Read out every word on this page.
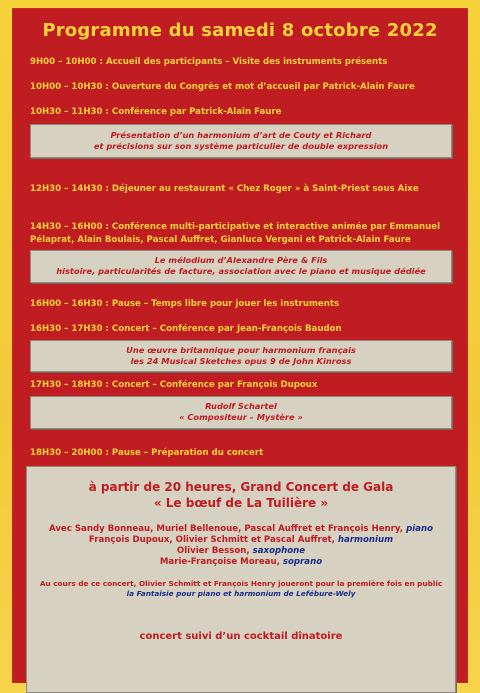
Programme du samedi 8 octobre 2022
9H00 – 10H00 : Accueil des participants – Visite des instruments présents
10H00 – 10H30 : Ouverture du Congrès et mot d’accueil par Patrick-Alain Faure
10H30 – 11H30 : Conférence par Patrick-Alain Faure
Présentation d’un harmonium d’art de Couty et Richard
et précisions sur son système particulier de double expression
12H30 – 14H30 : Déjeuner au restaurant « Chez Roger » à Saint-Priest sous Aixe
14H30 – 16H00 : Conférence multi-participative et interactive animée par Emmanuel
Pélaprat, Alain Boulais, Pascal Auffret, Gianluca Vergani et Patrick-Alain Faure
Le mélodium d’Alexandre Père & Fils
histoire, particularités de facture, association avec le piano et musique dédiée
16H00 – 16H30 : Pause – Temps libre pour jouer les instruments
16H30 – 17H30 : Concert – Conférence par Jean-François Baudon
Une œuvre britannique pour harmonium français
les 24 Musical Sketches opus 9 de John Kinross
17H30 – 18H30 : Concert – Conférence par François Dupoux
Rudolf Schartel
« Compositeur – Mystère »
18H30 – 20H00 : Pause – Préparation du concert
à partir de 20 heures, Grand Concert de Gala
« Le bœuf de La Tuilière »
Avec Sandy Bonneau, Muriel Bellenoue, Pascal Auffret et François Henry, piano
François Dupoux, Olivier Schmitt et Pascal Auffret, harmonium
Olivier Besson, saxophone
Marie-Françoise Moreau, soprano
Au cours de ce concert, Olivier Schmitt et François Henry joueront pour la première fois en public
la Fantaisie pour piano et harmonium de Lefébure-Wely
concert suivi d’un cocktail dînatoire
